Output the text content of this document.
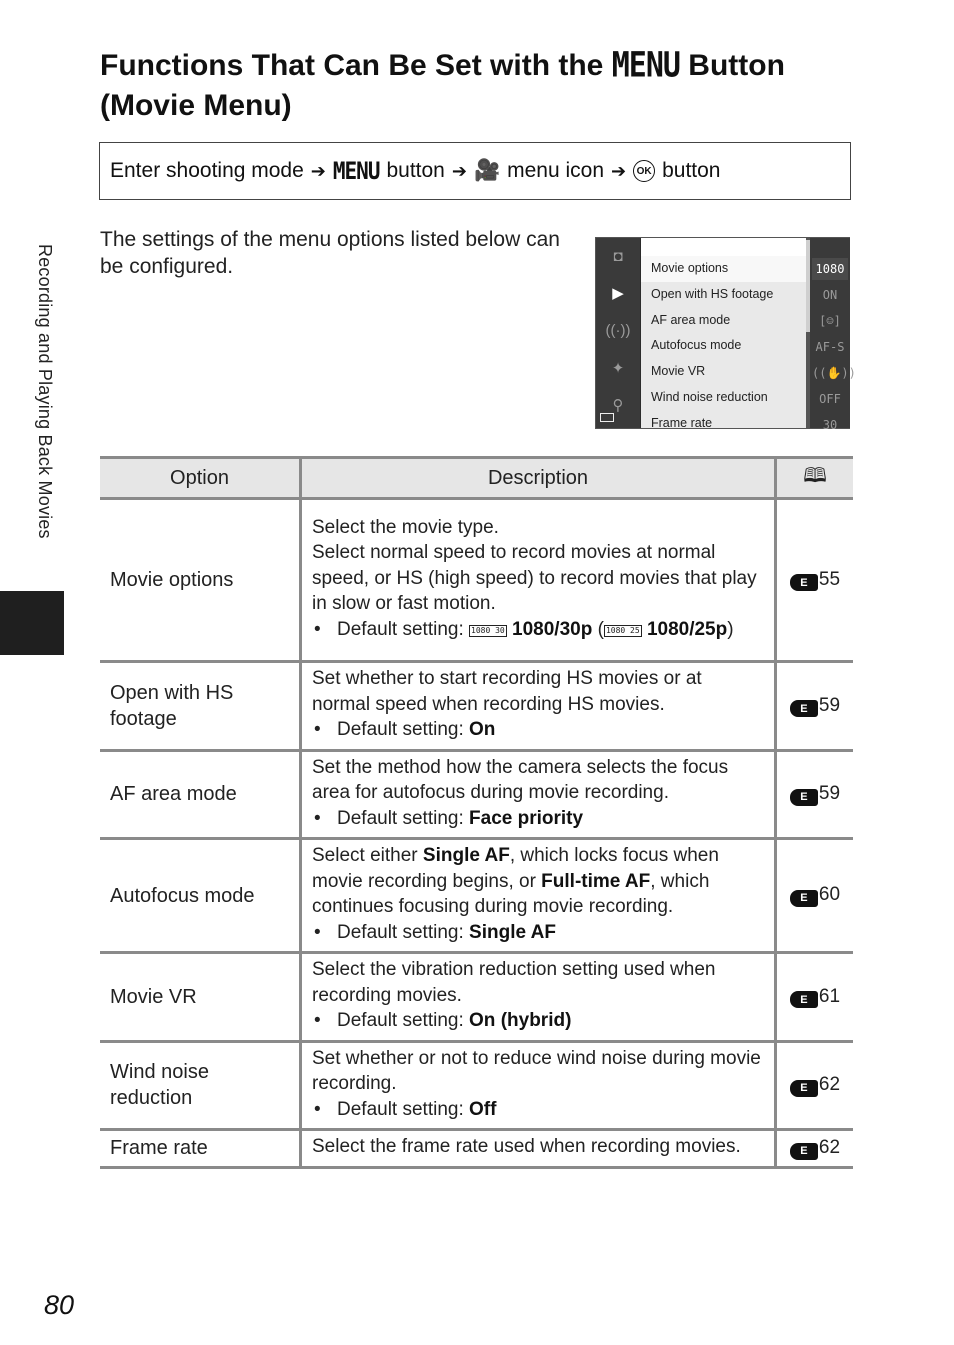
Recording and Playing Back Movies
Functions That Can Be Set with the MENU Button
(Movie Menu)
Enter shooting mode ➔ MENU button ➔ 🎥 menu icon ➔	OK button
The settings of the menu options listed below can be configured.	◘
▶
((·))
✦
⚲
Movie options
Open with HS footage
AF area mode
Autofocus mode
Movie VR
Wind noise reduction
Frame rate
1080
ON
[☺]
AF-S
((✋))
OFF
30
Option	Description	🕮
Movie options	Select the movie type.
Select normal speed to record movies at normal speed, or HS (high speed) to record movies that play in slow or fast motion.
• Default setting: 1080 30 1080/30p ( 1080 25 1080/25p)	E 55
Open with HS footage	Set whether to start recording HS movies or at normal speed when recording HS movies.
• Default setting: On	E 59
AF area mode	Set the method how the camera selects the focus area for autofocus during movie recording.
• Default setting: Face priority	E 59
Autofocus mode	Select either Single AF, which locks focus when movie recording begins, or Full-time AF, which continues focusing during movie recording.
• Default setting: Single AF	E 60
Movie VR	Select the vibration reduction setting used when recording movies.
• Default setting: On (hybrid)	E 61
Wind noise reduction	Set whether or not to reduce wind noise during movie recording.
• Default setting: Off	E 62
Frame rate	Select the frame rate used when recording movies.	E 62
80
